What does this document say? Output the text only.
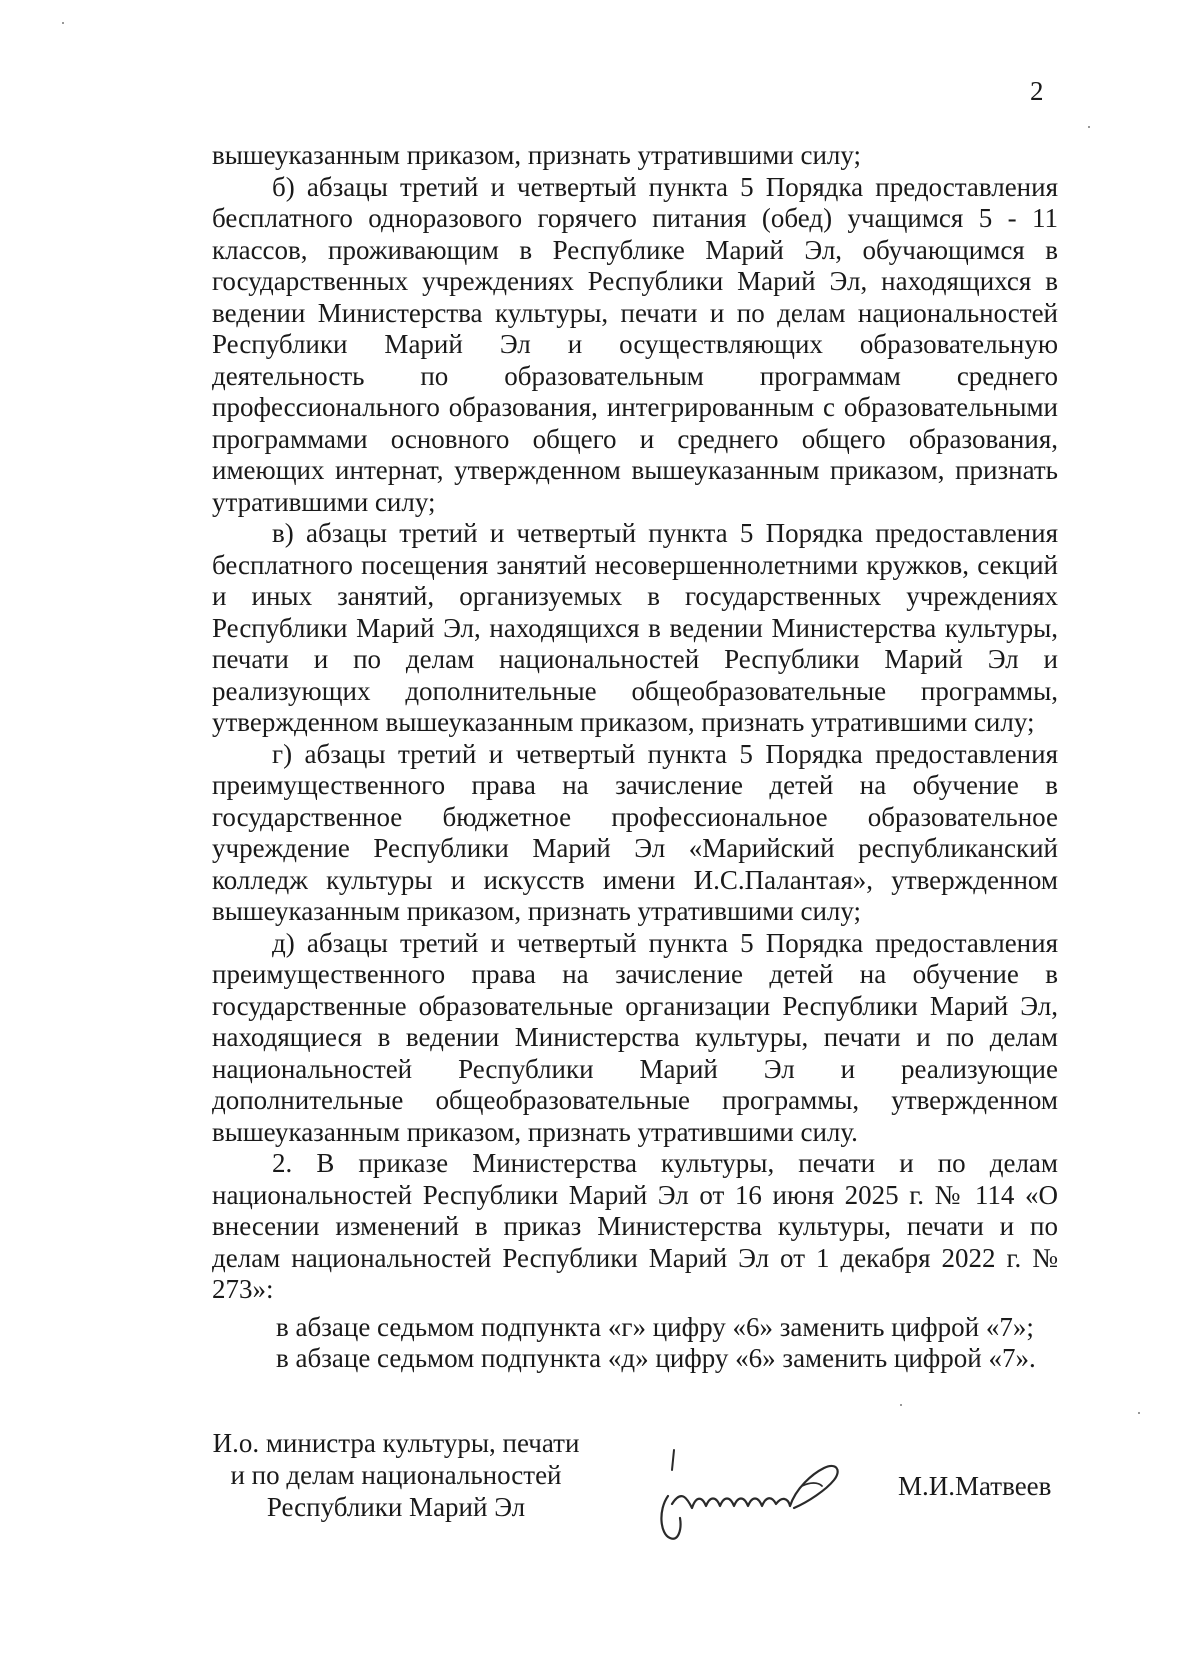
2

вышеуказанным приказом, признать утратившими силу;

б) абзацы третий и четвертый пункта 5 Порядка предоставления бесплатного одноразового горячего питания (обед) учащимся 5 - 11 классов, проживающим в Республике Марий Эл, обучающимся в государственных учреждениях Республики Марий Эл, находящихся в ведении Министерства культуры, печати и по делам национальностей Республики Марий Эл и осуществляющих образовательную деятельность по образовательным программам среднего профессионального образования, интегрированным с образовательными программами основного общего и среднего общего образования, имеющих интернат, утвержденном вышеуказанным приказом, признать утратившими силу;

в) абзацы третий и четвертый пункта 5 Порядка предоставления бесплатного посещения занятий несовершеннолетними кружков, секций и иных занятий, организуемых в государственных учреждениях Республики Марий Эл, находящихся в ведении Министерства культуры, печати и по делам национальностей Республики Марий Эл и реализующих дополнительные общеобразовательные программы, утвержденном вышеуказанным приказом, признать утратившими силу;

г) абзацы третий и четвертый пункта 5 Порядка предоставления преимущественного права на зачисление детей на обучение в государственное бюджетное профессиональное образовательное учреждение Республики Марий Эл «Марийский республиканский колледж культуры и искусств имени И.С.Палантая», утвержденном вышеуказанным приказом, признать утратившими силу;

д) абзацы третий и четвертый пункта 5 Порядка предоставления преимущественного права на зачисление детей на обучение в государственные образовательные организации Республики Марий Эл, находящиеся в ведении Министерства культуры, печати и по делам национальностей Республики Марий Эл и реализующие дополнительные общеобразовательные программы, утвержденном вышеуказанным приказом, признать утратившими силу.

2. В приказе Министерства культуры, печати и по делам национальностей Республики Марий Эл от 16 июня 2025 г. № 114 «О внесении изменений в приказ Министерства культуры, печати и по делам национальностей Республики Марий Эл от 1 декабря 2022 г. № 273»:

в абзаце седьмом подпункта «г» цифру «6» заменить цифрой «7»;

в абзаце седьмом подпункта «д» цифру «6» заменить цифрой «7».

И.о. министра культуры, печати
и по делам национальностей
Республики Марий Эл
М.И.Матвеев
